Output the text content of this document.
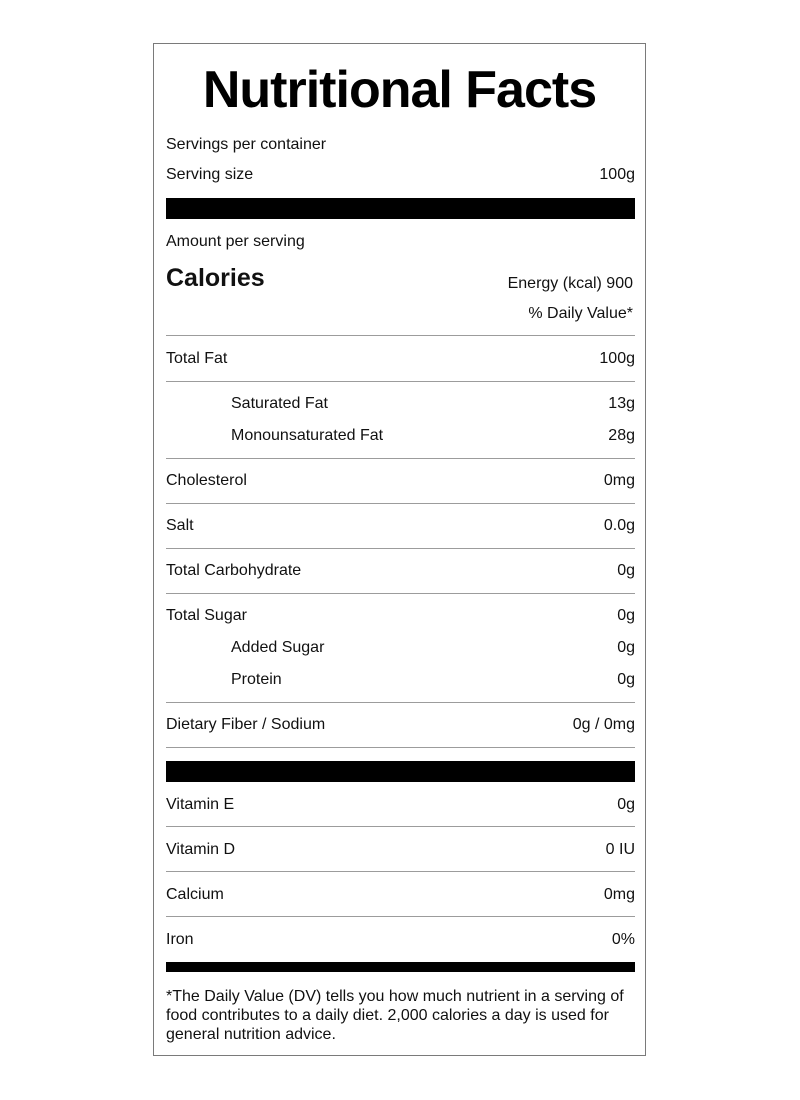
Nutritional Facts
Servings per container
Serving size	100g
Amount per serving
Calories	Energy (kcal) 900
% Daily Value*
Total Fat	100g
Saturated Fat	13g
Monounsaturated Fat	28g
Cholesterol	0mg
Salt	0.0g
Total Carbohydrate	0g
Total Sugar	0g
Added Sugar	0g
Protein	0g
Dietary Fiber / Sodium	0g / 0mg
Vitamin E	0g
Vitamin D	0 IU
Calcium	0mg
Iron	0%
*The Daily Value (DV) tells you how much nutrient in a serving of food contributes to a daily diet. 2,000 calories a day is used for general nutrition advice.
